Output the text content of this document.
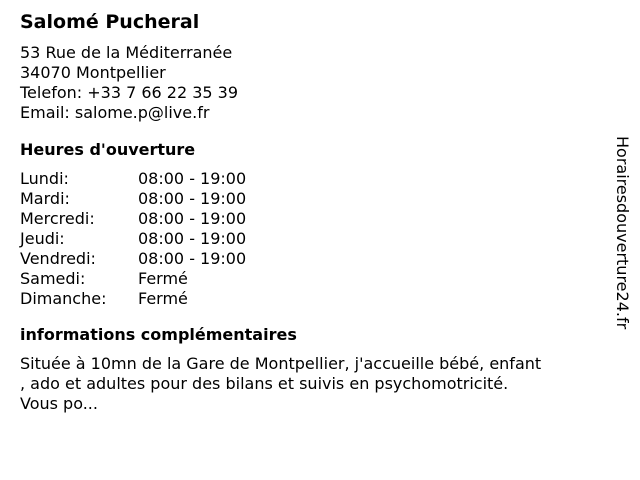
Salomé Pucheral
53 Rue de la Méditerranée
34070 Montpellier
Telefon: +33 7 66 22 35 39
Email: salome.p@live.fr
Heures d'ouverture
Lundi:	08:00 - 19:00
Mardi:	08:00 - 19:00
Mercredi:	08:00 - 19:00
Jeudi:	08:00 - 19:00
Vendredi:	08:00 - 19:00
Samedi:	Fermé
Dimanche:	Fermé
informations complémentaires
Située à 10mn de la Gare de Montpellier, j'accueille bébé, enfant
, ado et adultes pour des bilans et suivis en psychomotricité.
Vous po...
Horairesdouverture24.fr
